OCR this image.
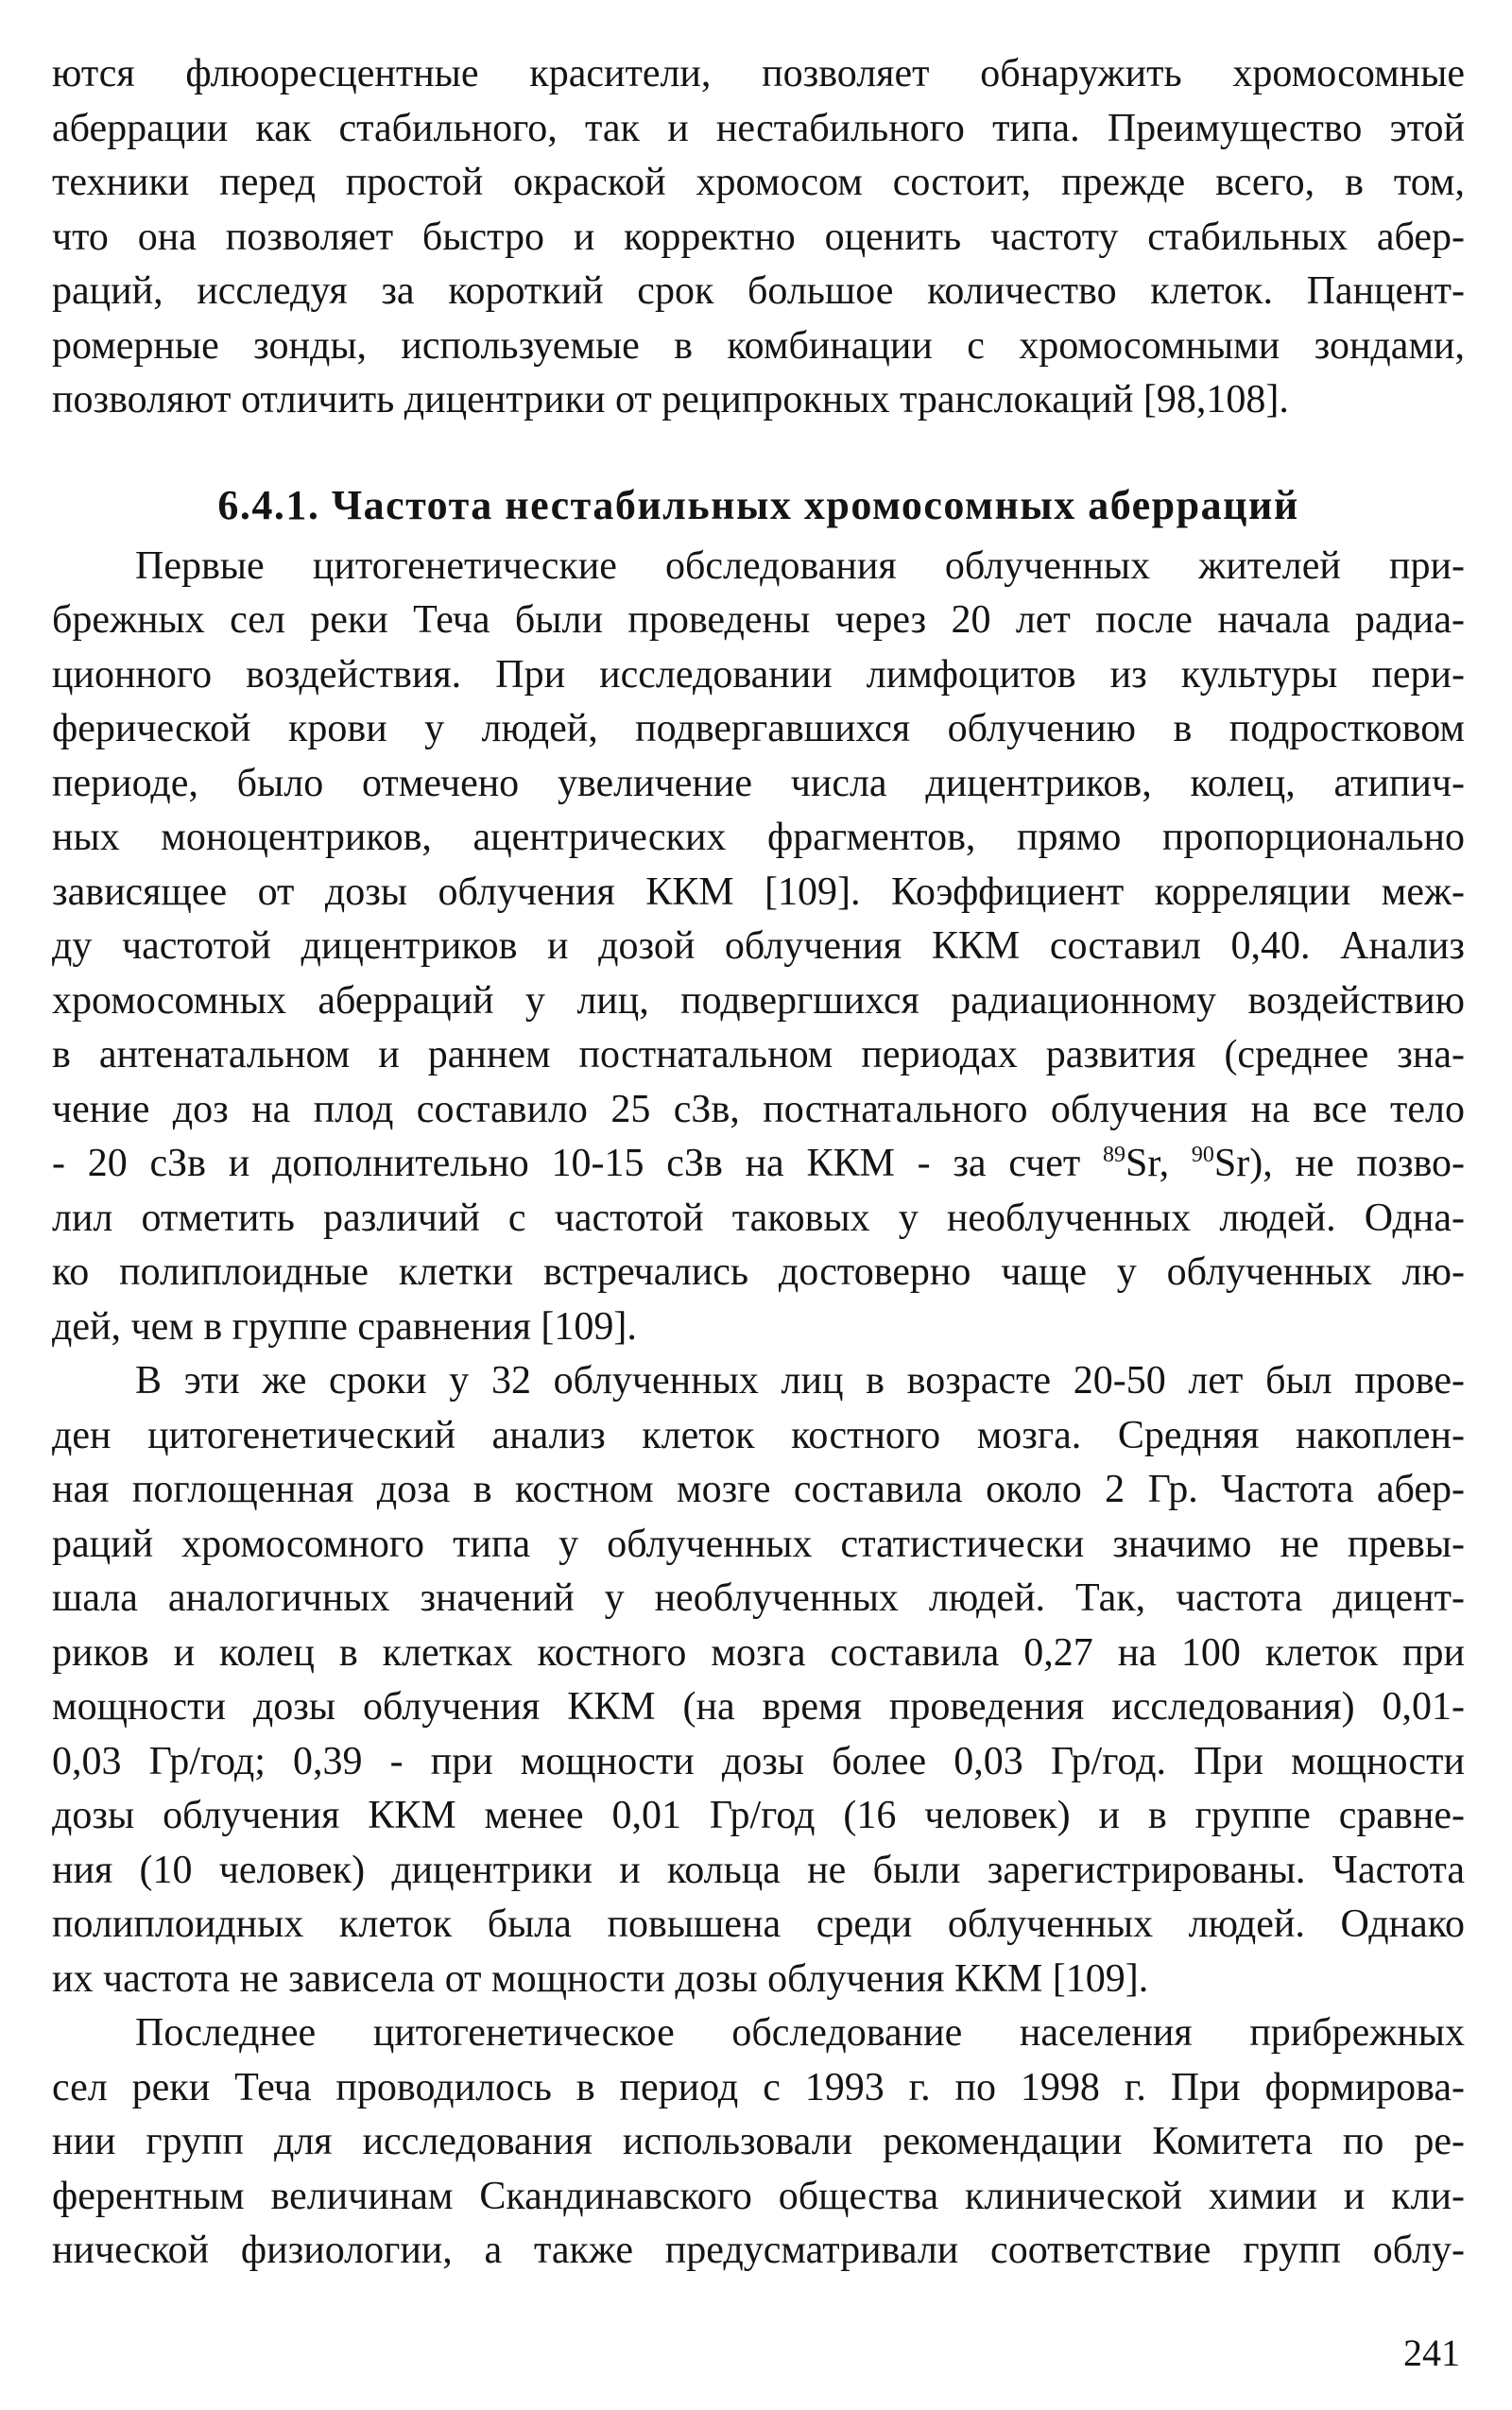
ются флюоресцентные красители, позволяет обнаружить хромосомные
аберрации как стабильного, так и нестабильного типа. Преимущество этой
техники перед простой окраской хромосом состоит, прежде всего, в том,
что она позволяет быстро и корректно оценить частоту стабильных абер-
раций, исследуя за короткий срок большое количество клеток. Панцент-
ромерные зонды, используемые в комбинации с хромосомными зондами,
позволяют отличить дицентрики от реципрокных транслокаций [98,108].
6.4.1. Частота нестабильных хромосомных аберраций
Первые цитогенетические обследования облученных жителей при-
брежных сел реки Теча были проведены через 20 лет после начала радиа-
ционного воздействия. При исследовании лимфоцитов из культуры пери-
ферической крови у людей, подвергавшихся облучению в подростковом
периоде, было отмечено увеличение числа дицентриков, колец, атипич-
ных моноцентриков, ацентрических фрагментов, прямо пропорционально
зависящее от дозы облучения ККМ [109]. Коэффициент корреляции меж-
ду частотой дицентриков и дозой облучения ККМ составил 0,40. Анализ
хромосомных аберраций у лиц, подвергшихся радиационному воздействию
в антенатальном и раннем постнатальном периодах развития (среднее зна-
чение доз на плод составило 25 сЗв, постнатального облучения на все тело
- 20 сЗв и дополнительно 10-15 сЗв на ККМ - за счет $^{89}$Sr, $^{90}$Sr), не позво-
лил отметить различий с частотой таковых у необлученных людей. Одна-
ко полиплоидные клетки встречались достоверно чаще у облученных лю-
дей, чем в группе сравнения [109].
В эти же сроки у 32 облученных лиц в возрасте 20-50 лет был прове-
ден цитогенетический анализ клеток костного мозга. Средняя накоплен-
ная поглощенная доза в костном мозге составила около 2 Гр. Частота абер-
раций хромосомного типа у облученных статистически значимо не превы-
шала аналогичных значений у необлученных людей. Так, частота дицент-
риков и колец в клетках костного мозга составила 0,27 на 100 клеток при
мощности дозы облучения ККМ (на время проведения исследования) 0,01-
0,03 Гр/год; 0,39 - при мощности дозы более 0,03 Гр/год. При мощности
дозы облучения ККМ менее 0,01 Гр/год (16 человек) и в группе сравне-
ния (10 человек) дицентрики и кольца не были зарегистрированы. Частота
полиплоидных клеток была повышена среди облученных людей. Однако
их частота не зависела от мощности дозы облучения ККМ [109].
Последнее цитогенетическое обследование населения прибрежных
сел реки Теча проводилось в период с 1993 г. по 1998 г. При формирова-
нии групп для исследования использовали рекомендации Комитета по ре-
ферентным величинам Скандинавского общества клинической химии и кли-
нической физиологии, а также предусматривали соответствие групп облу-
241
